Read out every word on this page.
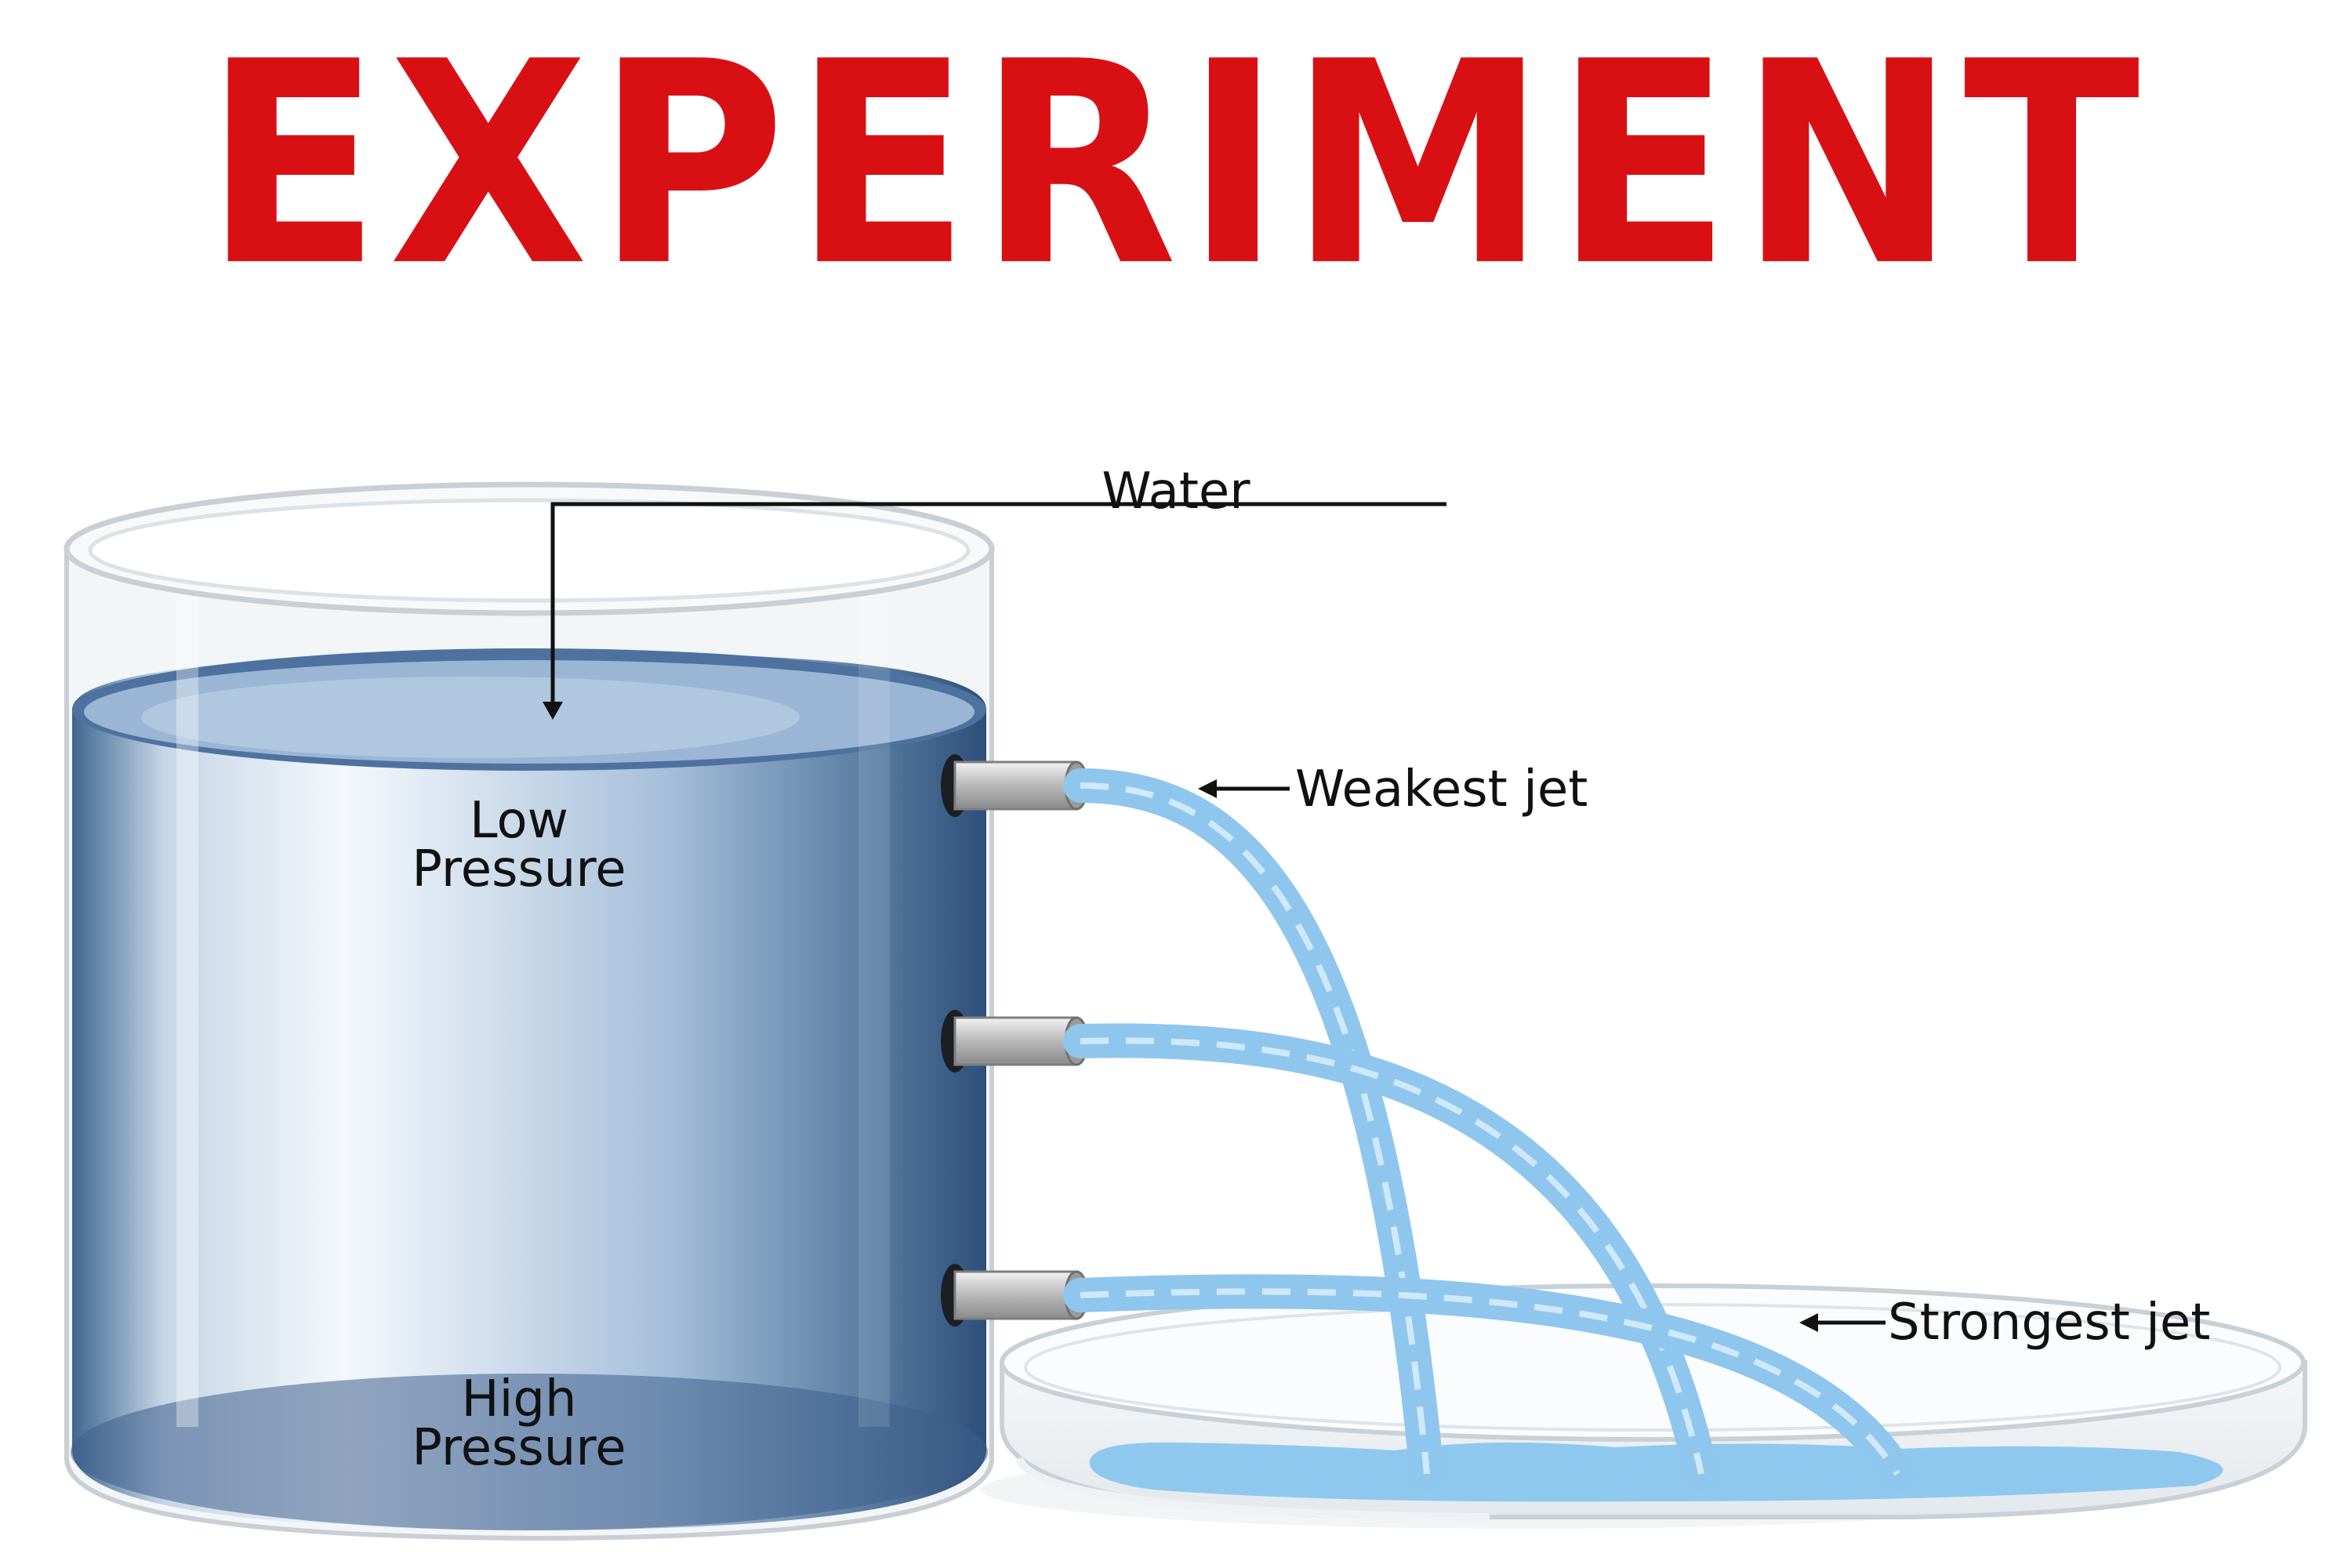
EXPERIMENT
Water
Weakest jet
Strongest jet
Low
Pressure
High
Pressure
